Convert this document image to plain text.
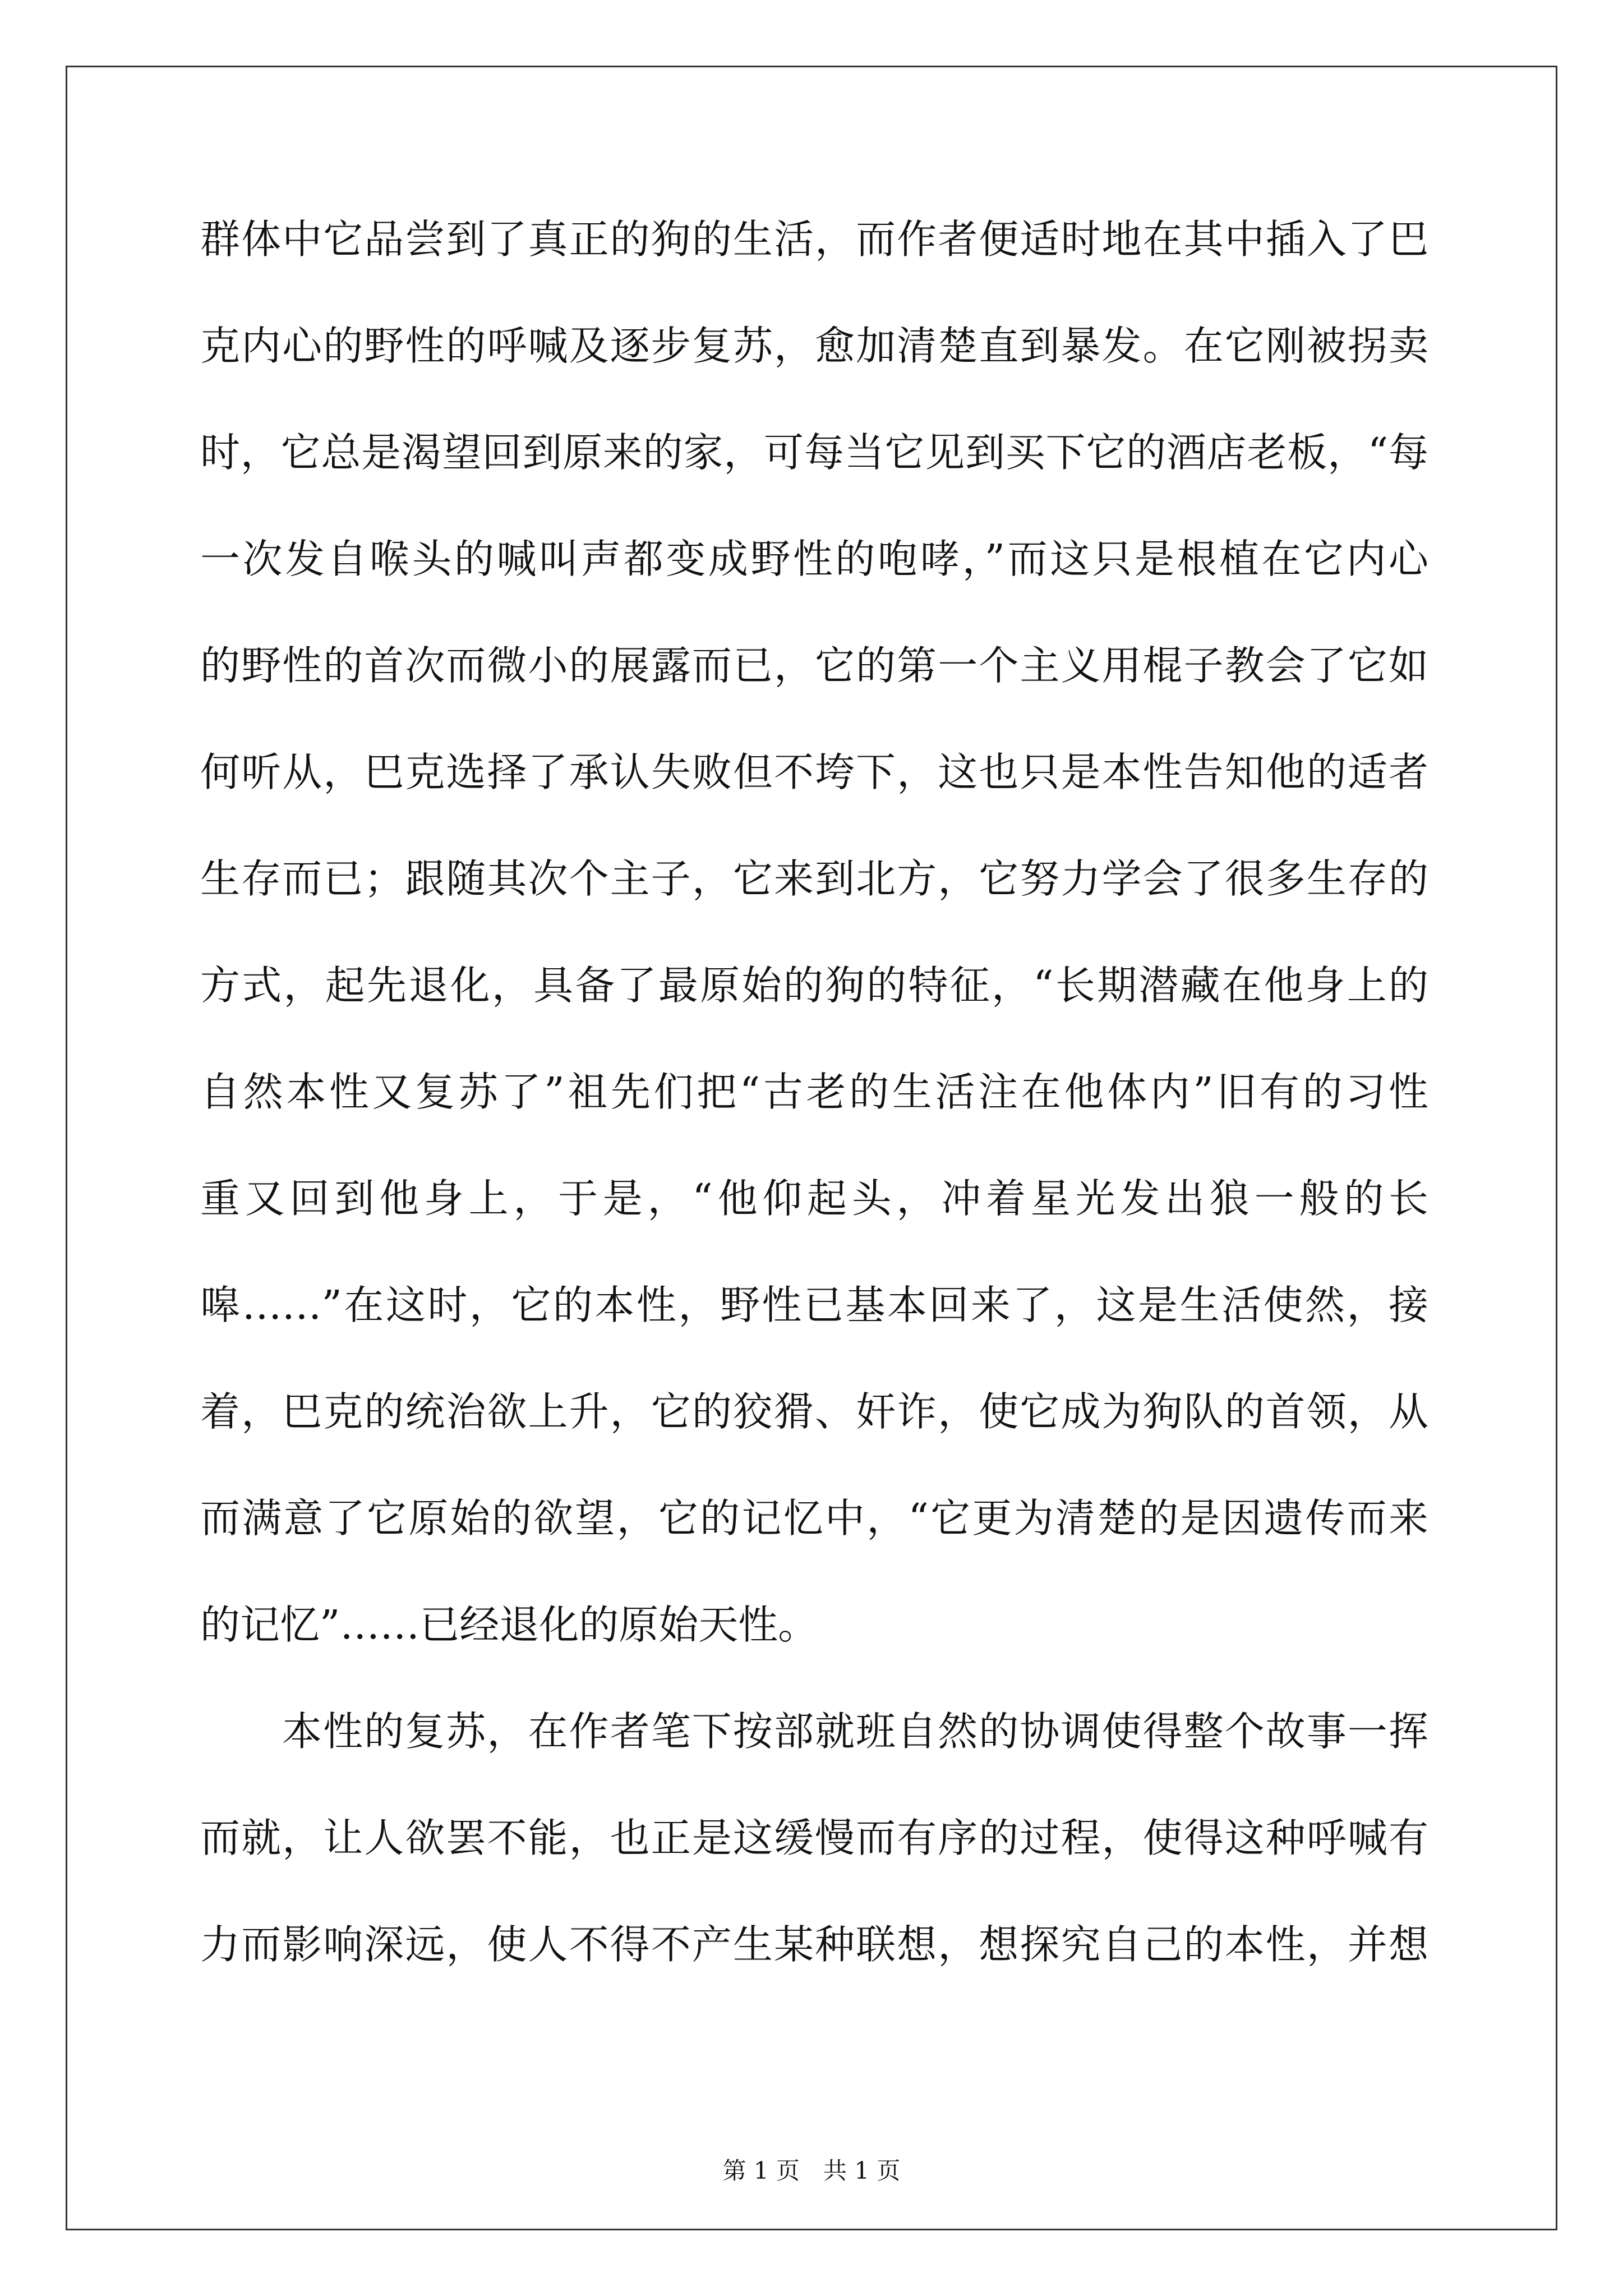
群体中它品尝到了真正的狗的生活，而作者便适时地在其中插入了巴
克内心的野性的呼喊及逐步复苏，愈加清楚直到暴发。在它刚被拐卖
时，它总是渴望回到原来的家，可每当它见到买下它的酒店老板，“每
一次发自喉头的喊叫声都变成野性的咆哮，”而这只是根植在它内心
的野性的首次而微小的展露而已，它的第一个主义用棍子教会了它如
何听从，巴克选择了承认失败但不垮下，这也只是本性告知他的适者
生存而已；跟随其次个主子，它来到北方，它努力学会了很多生存的
方式，起先退化，具备了最原始的狗的特征，“长期潜藏在他身上的
自然本性又复苏了”祖先们把“古老的生活注在他体内”旧有的习性
重又回到他身上，于是，“他仰起头，冲着星光发出狼一般的长
嗥……”在这时，它的本性，野性已基本回来了，这是生活使然，接
着，巴克的统治欲上升，它的狡猾、奸诈，使它成为狗队的首领，从
而满意了它原始的欲望，它的记忆中，“它更为清楚的是因遗传而来
的记忆”……已经退化的原始天性。
本性的复苏，在作者笔下按部就班自然的协调使得整个故事一挥
而就，让人欲罢不能，也正是这缓慢而有序的过程，使得这种呼喊有
力而影响深远，使人不得不产生某种联想，想探究自己的本性，并想
第 1 页　共 1 页
